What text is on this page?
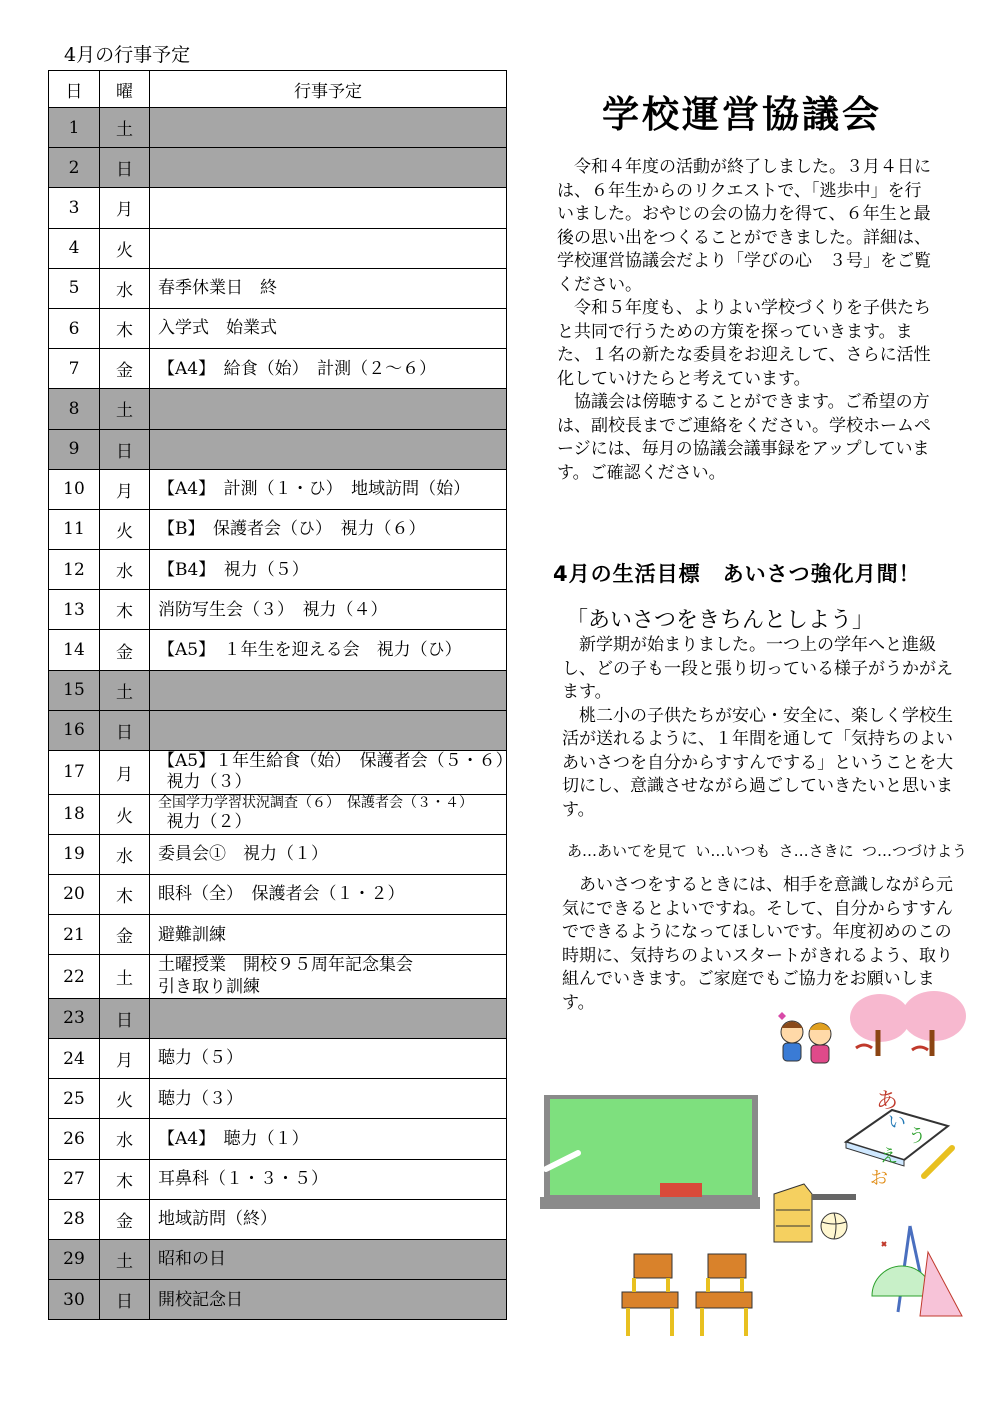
4月の行事予定
日	曜	行事予定
1	土	
2	日	
3	月	
4	火	
5	水	春季休業日　終

6	木	入学式　始業式

7	金	【A4】　給食（始）　計測（２～６）

8	土	
9	日	
10	月	【A4】　計測（１・ひ）　地域訪問（始）

11	火	【B】　保護者会（ひ）　視力（６）

12	水	【B4】　視力（５）

13	木	消防写生会（３）　視力（４）

14	金	【A5】　１年生を迎える会　視力（ひ）

15	土	
16	日	
17	月	【A5】１年生給食（始）　保護者会（５・６）
視力（３）

18	火	全国学力学習状況調査（６）　保護者会（３・４）
視力（２）

19	水	委員会①　視力（１）

20	木	眼科（全）　保護者会（１・２）

21	金	避難訓練

22	土	土曜授業　開校９５周年記念集会
引き取り訓練

23	日	
24	月	聴力（５）

25	火	聴力（３）

26	水	【A4】　聴力（１）

27	木	耳鼻科（１・３・５）

28	金	地域訪問（終）

29	土	昭和の日

30	日	開校記念日
学校運営協議会

令和４年度の活動が終了しました。３月４日には、６年生からのリクエストで、「逃歩中」を行いました。おやじの会の協力を得て、６年生と最後の思い出をつくることができました。詳細は、学校運営協議会だより「学びの心　３号」をご覧ください。

令和５年度も、よりよい学校づくりを子供たちと共同で行うための方策を探っていきます。また、１名の新たな委員をお迎えして、さらに活性化していけたらと考えています。

協議会は傍聴することができます。ご希望の方は、副校長までご連絡をください。学校ホームページには、毎月の協議会議事録をアップしています。ご確認ください。

4月の生活目標　あいさつ強化月間！
「あいさつをきちんとしよう」

新学期が始まりました。一つ上の学年へと進級し、どの子も一段と張り切っている様子がうかがえます。

桃二小の子供たちが安心・安全に、楽しく学校生活が送れるように、１年間を通して「気持ちのよいあいさつを自分からすすんでする」ということを大切にし、意識させながら過ごしていきたいと思います。

あ…あいてを見て い…いつも さ…さきに つ…つづけよう

あいさつをするときには、相手を意識しながら元気にできるとよいですね。そして、自分からすすんでできるようになってほしいです。年度初めのこの時期に、気持ちのよいスタートがきれるよう、取り組んでいきます。ご家庭でもご協力をお願いします。

あ
い
う
え
お
